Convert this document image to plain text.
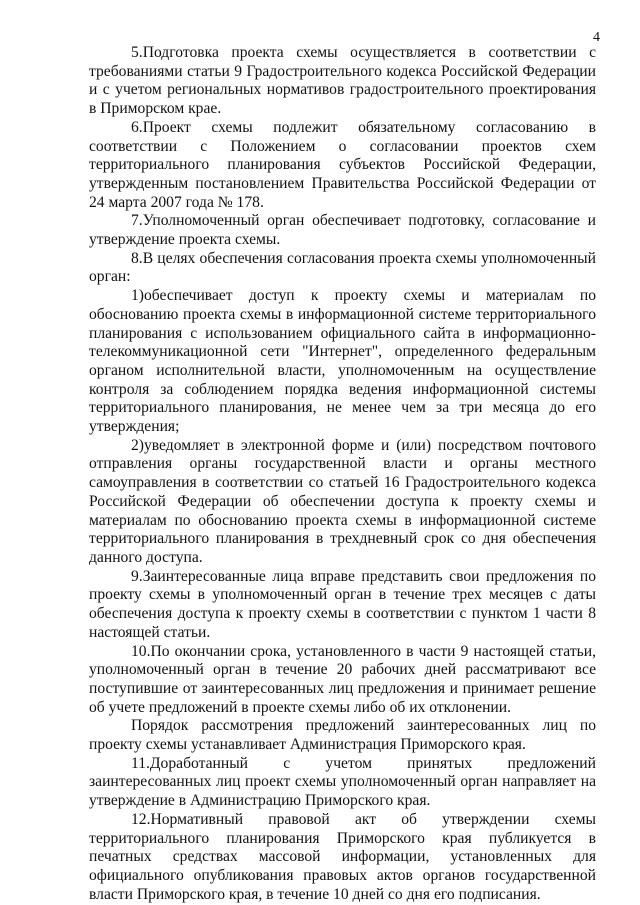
4

5.Подготовка проекта схемы осуществляется в соответствии с требованиями статьи 9 Градостроительного кодекса Российской Федерации и с учетом региональных нормативов градостроительного проектирования в Приморском крае.

6.Проект схемы подлежит обязательному согласованию в соответствии с Положением о согласовании проектов схем территориального планирования субъектов Российской Федерации, утвержденным постановлением Правительства Российской Федерации от 24 марта 2007 года № 178.

7.Уполномоченный орган обеспечивает подготовку, согласование и утверждение проекта схемы.

8.В целях обеспечения согласования проекта схемы уполномоченный орган:

1)обеспечивает доступ к проекту схемы и материалам по обоснованию проекта схемы в информационной системе территориального планирования с использованием официального сайта в информационно-телекоммуникационной сети "Интернет", определенного федеральным органом исполнительной власти, уполномоченным на осуществление контроля за соблюдением порядка ведения информационной системы территориального планирования, не менее чем за три месяца до его утверждения;

2)уведомляет в электронной форме и (или) посредством почтового отправления органы государственной власти и органы местного самоуправления в соответствии со статьей 16 Градостроительного кодекса Российской Федерации об обеспечении доступа к проекту схемы и материалам по обоснованию проекта схемы в информационной системе территориального планирования в трехдневный срок со дня обеспечения данного доступа.

9.Заинтересованные лица вправе представить свои предложения по проекту схемы в уполномоченный орган в течение трех месяцев с даты обеспечения доступа к проекту схемы в соответствии с пунктом 1 части 8 настоящей статьи.

10.По окончании срока, установленного в части 9 настоящей статьи, уполномоченный орган в течение 20 рабочих дней рассматривают все поступившие от заинтересованных лиц предложения и принимает решение об учете предложений в проекте схемы либо об их отклонении.

Порядок рассмотрения предложений заинтересованных лиц по проекту схемы устанавливает Администрация Приморского края.

11.Доработанный с учетом принятых предложений заинтересованных лиц проект схемы уполномоченный орган направляет на утверждение в Администрацию Приморского края.

12.Нормативный правовой акт об утверждении схемы территориального планирования Приморского края публикуется в печатных средствах массовой информации, установленных для официального опубликования правовых актов органов государственной власти Приморского края, в течение 10 дней со дня его подписания.
